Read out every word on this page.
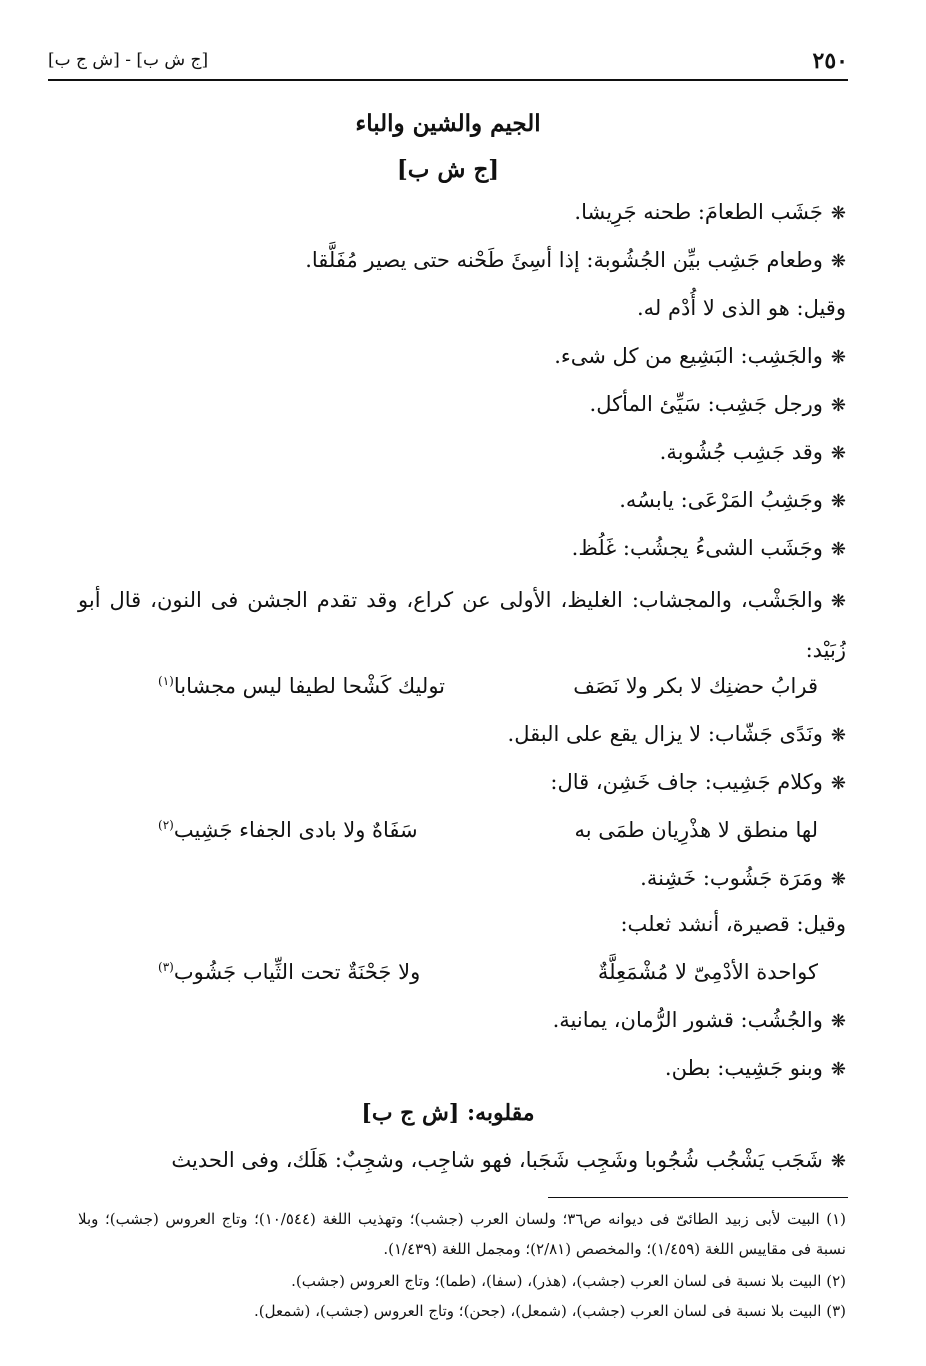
٢٥٠
[ج ش ب] - [ش ج ب]
الجيم والشين والباء
[ج ش ب]
❋جَشَب الطعامَ: طحنه جَرِيشا.
❋وطعام جَشِب بيِّن الجُشُوبة: إذا أسِئَ طَحْنه حتى يصير مُفَلَّقا.
وقيل: هو الذى لا أُدْم له.
❋والجَشِب: البَشِيع من كل شىء.
❋ورجل جَشِب: سَيِّئ المأكل.
❋وقد جَشِب جُشُوبة.
❋وجَشِبُ المَرْعَى: يابسُه.
❋وجَشَب الشىءُ يجشُب: غَلُظ.
❋والجَشْب، والمجشاب: الغليظ، الأولى عن كراع، وقد تقدم الجشن فى النون، قال أبو زُبَيْد:
قرابُ حضنِك لا بكر ولا نَصَف
توليك كَشْحا لطيفا ليس مجشابا$^{(١)}$
❋ونَدًى جَشّاب: لا يزال يقع على البقل.
❋وكلام جَشِيب: جاف خَشِن، قال:
لها منطق لا هذْرِيان طمَى به
سَفَاهٌ ولا بادى الجفاء جَشِيب$^{(٢)}$
❋ومَرَة جَشُوب: خَشِنة.
وقيل: قصيرة، أنشد ثعلب:
كواحدة الأدْمِىّ لا مُشْمَعِلَّةٌ
ولا جَحْنَةٌ تحت الثِّياب جَشُوب$^{(٣)}$
❋والجُشُب: قشور الرُّمان، يمانية.
❋وبنو جَشِيب: بطن.
مقلوبه: [ش ج ب]
❋شَجَب يَشْجُب شُجُوبا وشَجِب شَجَبا، فهو شاجِب، وشجِبٌ: هَلَك، وفى الحديث
(١) البيت لأبى زبيد الطائىّ فى ديوانه ص٣٦؛ ولسان العرب (جشب)؛ وتهذيب اللغة (١٠/٥٤٤)؛ وتاج العروس (جشب)؛ وبلا نسبة فى مقاييس اللغة (١/٤٥٩)؛ والمخصص (٢/٨١)؛ ومجمل اللغة (١/٤٣٩).
(٢) البيت بلا نسبة فى لسان العرب (جشب)، (هذر)، (سفا)، (طما)؛ وتاج العروس (جشب).
(٣) البيت بلا نسبة فى لسان العرب (جشب)، (شمعل)، (جحن)؛ وتاج العروس (جشب)، (شمعل).
